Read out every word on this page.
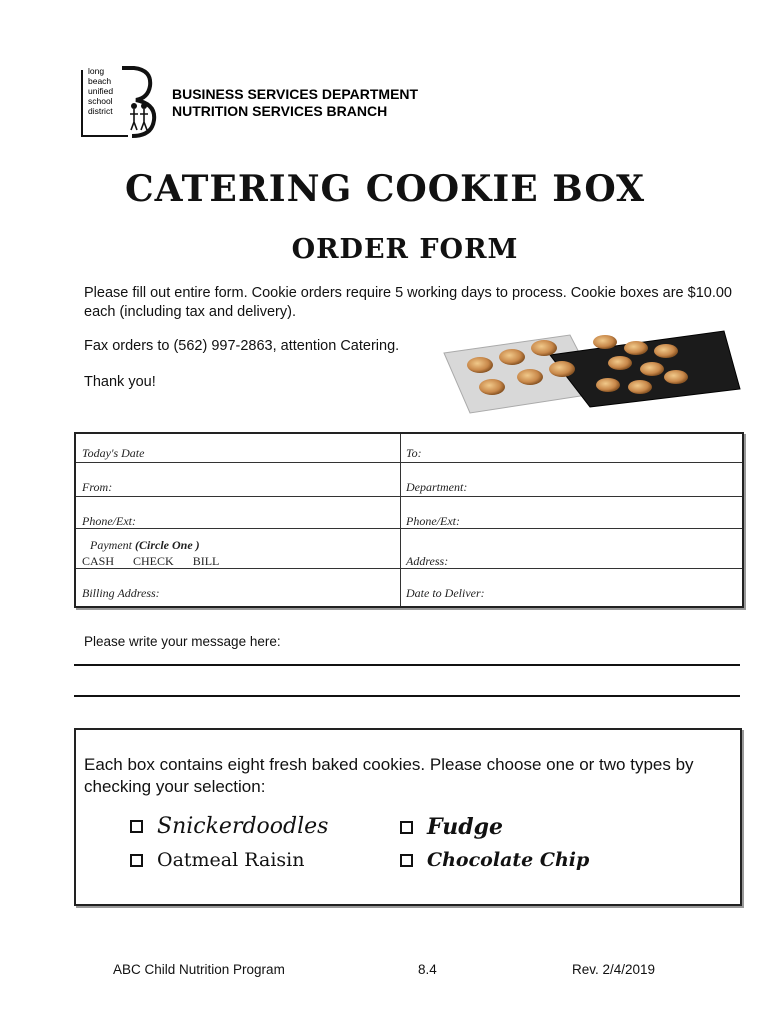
long
beach
unified
school
district
BUSINESS SERVICES DEPARTMENT
NUTRITION SERVICES BRANCH
CATERING COOKIE BOX
ORDER FORM
Please fill out entire form. Cookie orders require 5 working days to process. Cookie boxes are $10.00 each (including tax and delivery).
Fax orders to (562) 997-2863, attention Catering.
Thank you!
Today's Date	To:
From:	Department:
Phone/Ext:	Phone/Ext:
Payment (Circle One )
CASH CHECK BILL	Address:
Billing Address:	Date to Deliver:
Please write your message here:
Each box contains eight fresh baked cookies. Please choose one or two types by checking your selection:
Snickerdoodles	Fudge
Oatmeal Raisin	Chocolate Chip
ABC Child Nutrition Program	8.4	Rev. 2/4/2019
